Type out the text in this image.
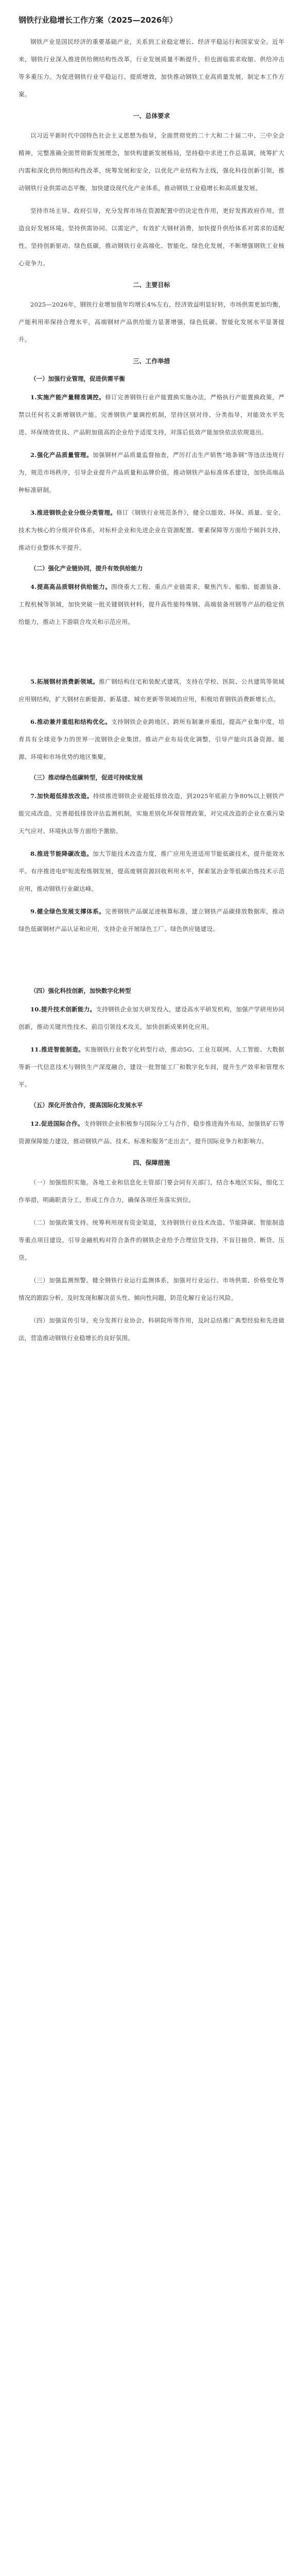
钢铁行业稳增长工作方案（2025—2026年）

钢铁产业是国民经济的重要基础产业，关系到工业稳定增长、经济平稳运行和国家安全。近年来，钢铁行业深入推进供给侧结构性改革，行业发展质量不断提升，但也面临需求收缩、供给冲击等多重压力。为促进钢铁行业平稳运行、提质增效，加快推动钢铁工业高质量发展，制定本工作方案。

一、总体要求

以习近平新时代中国特色社会主义思想为指导，全面贯彻党的二十大和二十届二中、三中全会精神，完整准确全面贯彻新发展理念，加快构建新发展格局，坚持稳中求进工作总基调，统筹扩大内需和深化供给侧结构性改革，统筹发展和安全，以优化产业结构为主线，强化科技创新引领，推动钢铁行业供需动态平衡，加快建设现代化产业体系，推动钢铁工业稳增长和高质量发展。

坚持市场主导、政府引导，充分发挥市场在资源配置中的决定性作用，更好发挥政府作用，营造良好发展环境。坚持供需协同、以需定产，有效扩大钢材消费，加快提升供给体系对需求的适配性。坚持创新驱动、绿色低碳，推动钢铁行业高端化、智能化、绿色化发展，不断增强钢铁工业核心竞争力。

二、主要目标

2025—2026年，钢铁行业增加值年均增长4%左右，经济效益明显好转，市场供需更加均衡，产能利用率保持合理水平，高端钢材产品供给能力显著增强，绿色低碳、智能化发展水平显著提升。

三、工作举措
（一）加强行业管理，促进供需平衡

1.实施产能产量精准调控。修订完善钢铁行业产能置换实施办法，严格执行产能置换政策，严禁以任何名义新增钢铁产能。完善钢铁产量调控机制，坚持区别对待、分类指导，对能效水平先进、环保绩效优良、产品附加值高的企业给予适度支持，对落后低效产能加快依法依规退出。

2.强化产品质量管理。加强钢材产品质量监督抽查，严厉打击生产销售“地条钢”等违法违规行为，规范市场秩序，引导企业提升产品质量和品牌价值，推动钢铁产品标准体系建设，加快高端品种标准研制。

3.推进钢铁企业分级分类管理。修订《钢铁行业规范条件》，健全以能效、环保、质量、安全、技术为核心的分级评价体系，对标杆企业和先进企业在资源配置、要素保障等方面给予倾斜支持，推动行业整体水平提升。

（二）强化产业链协同，提升有效供给能力

4.提高高品质钢材供给能力。围绕重大工程、重点产业链需求，聚焦汽车、船舶、能源装备、工程机械等领域，加快突破一批关键钢铁材料，提升高性能特殊钢、高端装备用钢等产品的稳定供给能力，推动上下游联合攻关和示范应用。

5.拓展钢材消费新领域。推广钢结构住宅和装配式建筑，支持在学校、医院、公共建筑等领域应用钢结构，扩大钢材在新能源、新基建、城市更新等领域的应用，积极培育钢铁消费新增长点。

6.推动兼并重组和结构优化。支持钢铁企业跨地区、跨所有制兼并重组，提高产业集中度，培育具有全球竞争力的世界一流钢铁企业集团。推动产业布局优化调整，引导产能向具备资源、能源、环境和市场优势的地区集聚。

（三）推动绿色低碳转型，促进可持续发展

7.加快超低排放改造。持续推进钢铁企业超低排放改造，到2025年底前力争80%以上钢铁产能完成改造。完善超低排放评估监测机制，实施差别化环保管理政策，对完成改造的企业在重污染天气应对、环境执法等方面给予激励。

8.推进节能降碳改造。加大节能技术改造力度，推广应用先进适用节能低碳技术，提升能效水平。有序推进电炉短流程炼钢发展，提高废钢资源回收利用水平，探索氢冶金等低碳冶炼技术示范应用，推动钢铁行业碳达峰。

9.健全绿色发展支撑体系。完善钢铁产品碳足迹核算标准，建立钢铁产品碳排放数据库，推动绿色低碳钢材产品认证和应用，支持企业开展绿色工厂、绿色供应链建设。

（四）强化科技创新，加快数字化转型

10.提升技术创新能力。支持钢铁企业加大研发投入，建设高水平研发机构，加强产学研用协同创新，推动关键共性技术、前沿引领技术攻关，加快创新成果转化应用。

11.推进智能制造。实施钢铁行业数字化转型行动，推动5G、工业互联网、人工智能、大数据等新一代信息技术与钢铁生产深度融合，建设一批智能工厂和数字化车间，提升生产效率和管理水平。

（五）深化开放合作，提高国际化发展水平

12.促进国际合作。支持钢铁企业积极参与国际分工与合作，稳步推进海外布局，加强铁矿石等资源保障能力建设，推动钢铁产品、技术、标准和服务“走出去”，提升国际竞争力和影响力。

四、保障措施

（一）加强组织实施。各地工业和信息化主管部门要会同有关部门，结合本地区实际，细化工作举措，明确职责分工，形成工作合力，确保各项任务落实到位。

（二）加强政策支持。统筹利用现有资金渠道，支持钢铁行业技术改造、节能降碳、智能制造等重点项目建设。引导金融机构对符合条件的钢铁企业给予合理信贷支持，不盲目抽贷、断贷、压贷。

（三）加强监测预警。健全钢铁行业运行监测体系，加强对行业运行、市场供需、价格变化等情况的跟踪分析，及时发现和解决苗头性、倾向性问题，防范化解行业运行风险。

（四）加强宣传引导。充分发挥行业协会、科研院所等作用，及时总结推广典型经验和先进做法，营造推动钢铁行业稳增长的良好氛围。
